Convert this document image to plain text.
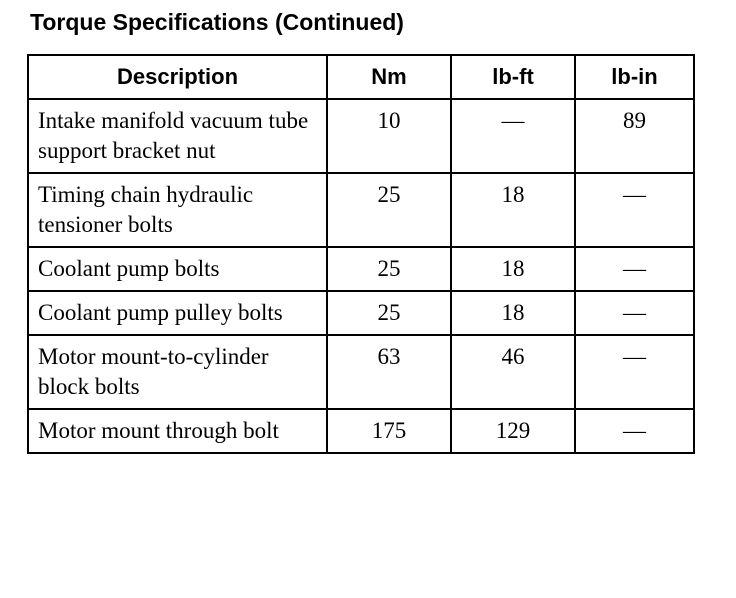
Torque Specifications (Continued)
Description	Nm	lb-ft	lb-in
Intake manifold vacuum tube support bracket nut	10	—	89
Timing chain hydraulic tensioner bolts	25	18	—
Coolant pump bolts	25	18	—
Coolant pump pulley bolts	25	18	—
Motor mount-to-cylinder block bolts	63	46	—
Motor mount through bolt	175	129	—
